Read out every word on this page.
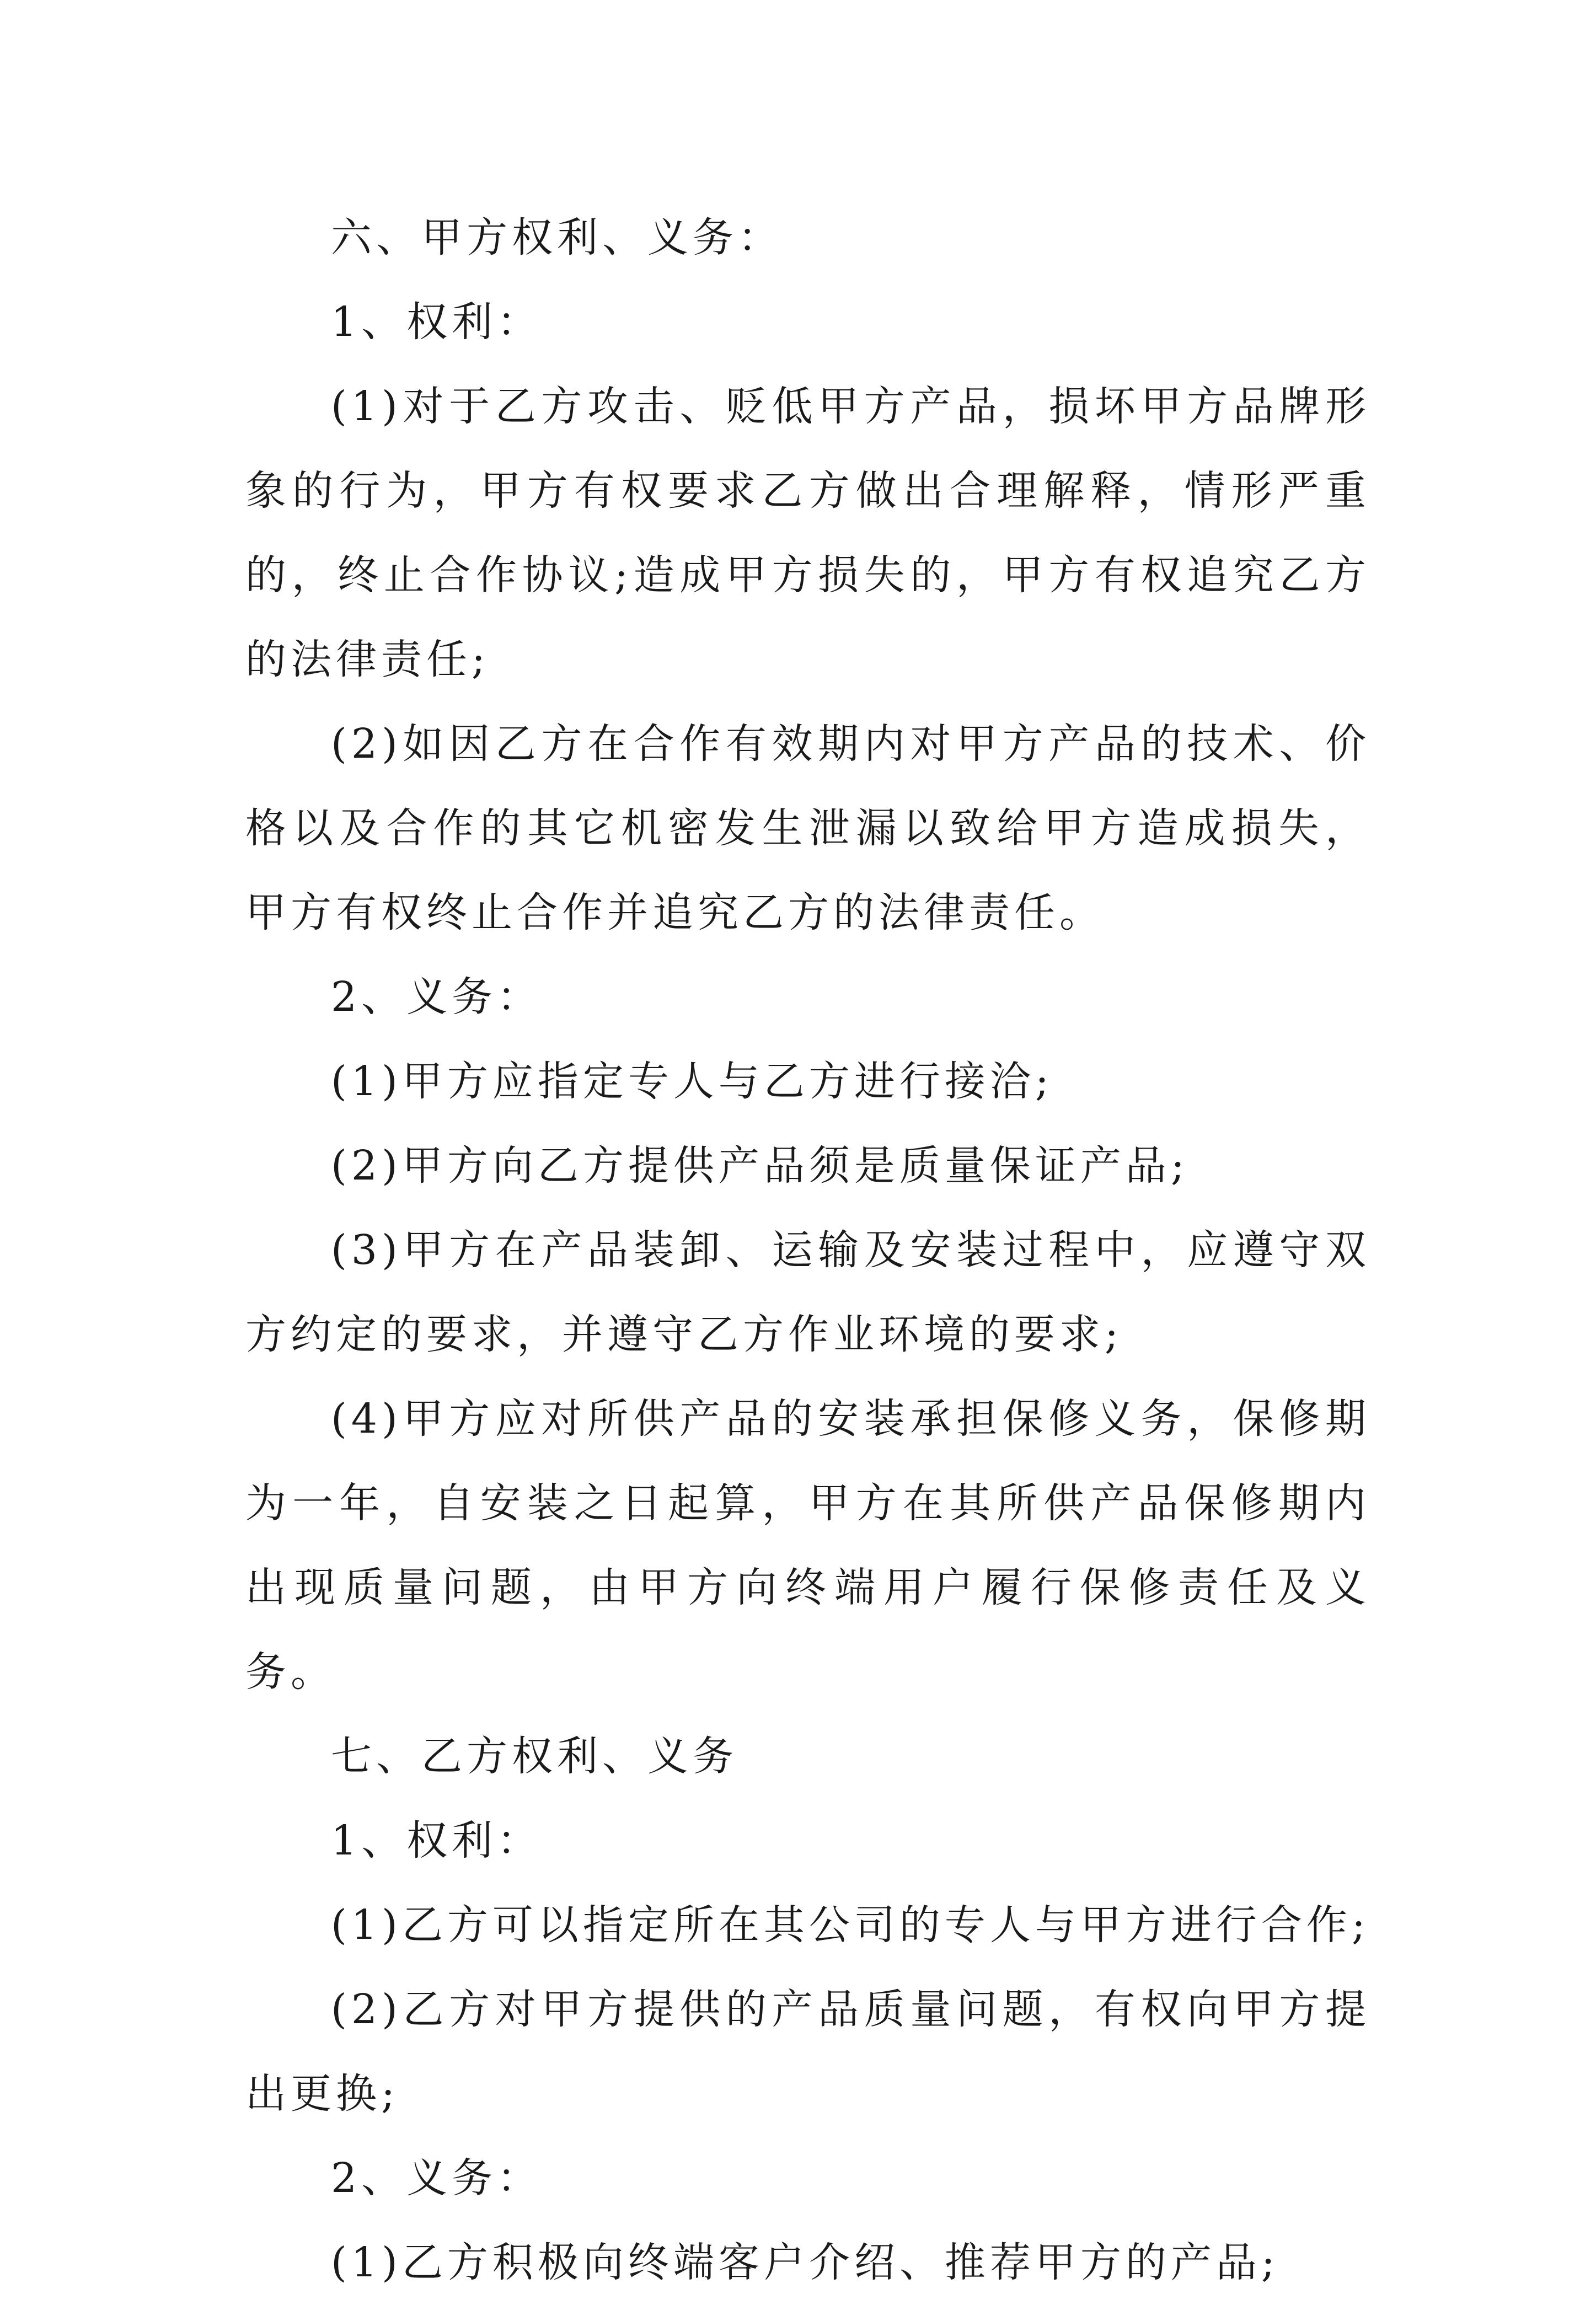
六、甲方权利、义务：

1、权利：

(1)对于乙方攻击、贬低甲方产品，损坏甲方品牌形象的行为，甲方有权要求乙方做出合理解释，情形严重的，终止合作协议;造成甲方损失的，甲方有权追究乙方的法律责任;

(2)如因乙方在合作有效期内对甲方产品的技术、价格以及合作的其它机密发生泄漏以致给甲方造成损失，甲方有权终止合作并追究乙方的法律责任。

2、义务：

(1)甲方应指定专人与乙方进行接洽;

(2)甲方向乙方提供产品须是质量保证产品;

(3)甲方在产品装卸、运输及安装过程中，应遵守双方约定的要求，并遵守乙方作业环境的要求;

(4)甲方应对所供产品的安装承担保修义务，保修期为一年，自安装之日起算，甲方在其所供产品保修期内出现质量问题，由甲方向终端用户履行保修责任及义务。

七、乙方权利、义务

1、权利：

(1)乙方可以指定所在其公司的专人与甲方进行合作;

(2)乙方对甲方提供的产品质量问题，有权向甲方提出更换;

2、义务：

(1)乙方积极向终端客户介绍、推荐甲方的产品;
